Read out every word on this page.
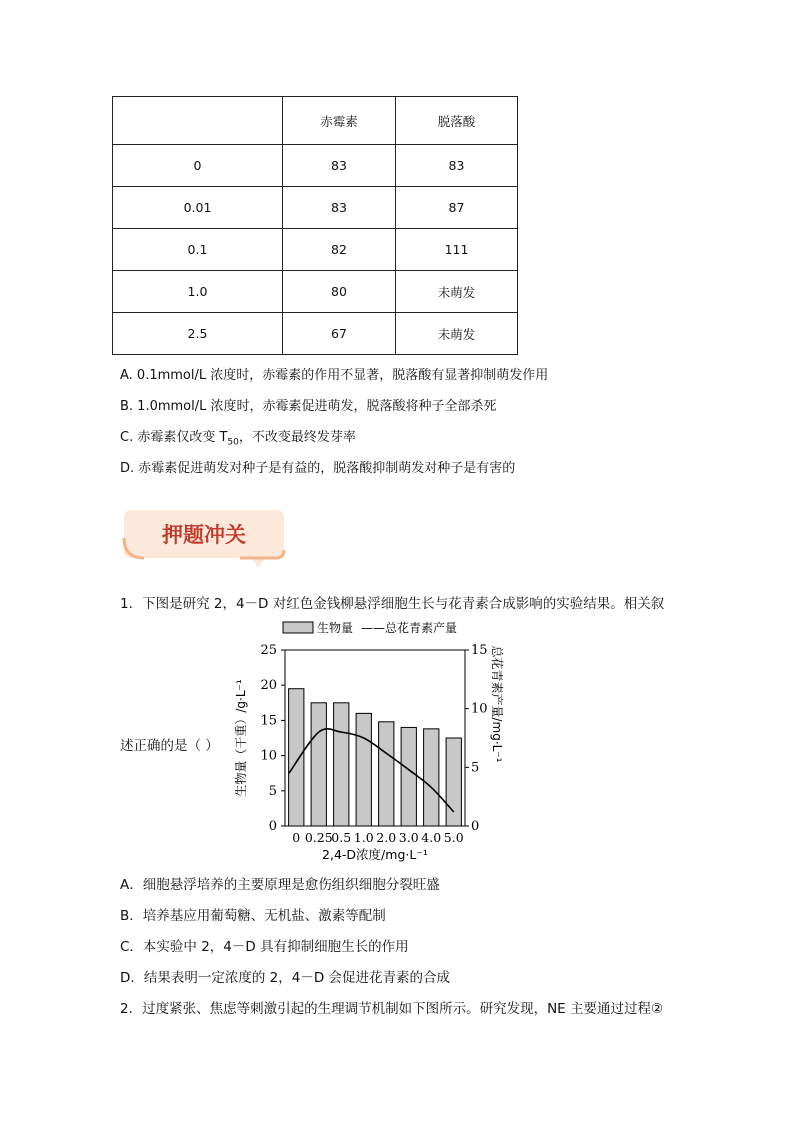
	赤霉素	脱落酸
0	83	83
0.01	83	87
0.1	82	111
1.0	80	未萌发
2.5	67	未萌发
A. 0.1mmol/L 浓度时，赤霉素的作用不显著，脱落酸有显著抑制萌发作用
B. 1.0mmol/L 浓度时，赤霉素促进萌发，脱落酸将种子全部杀死
C. 赤霉素仅改变 $T_{50}$，不改变最终发芽率
D. 赤霉素促进萌发对种子是有益的，脱落酸抑制萌发对种子是有害的
押题冲关
1．下图是研究 2，4－D 对红色金钱柳悬浮细胞生长与花青素合成影响的实验结果。相关叙
述正确的是（ ）
生物量 —— 总花青素产量
0
5
10
15
20
25
0
5
10
15
0 0.25
0.5 1.0 2.0 3.0 4.0 5.0
2,4-D浓度/mg·L⁻¹
生物量（干重）/g·L⁻¹	总花青素产量/mg·L⁻¹
A．细胞悬浮培养的主要原理是愈伤组织细胞分裂旺盛
B．培养基应用葡萄糖、无机盐、激素等配制
C．本实验中 2，4－D 具有抑制细胞生长的作用
D．结果表明一定浓度的 2，4－D 会促进花青素的合成
2．过度紧张、焦虑等刺激引起的生理调节机制如下图所示。研究发现，NE 主要通过过程②
